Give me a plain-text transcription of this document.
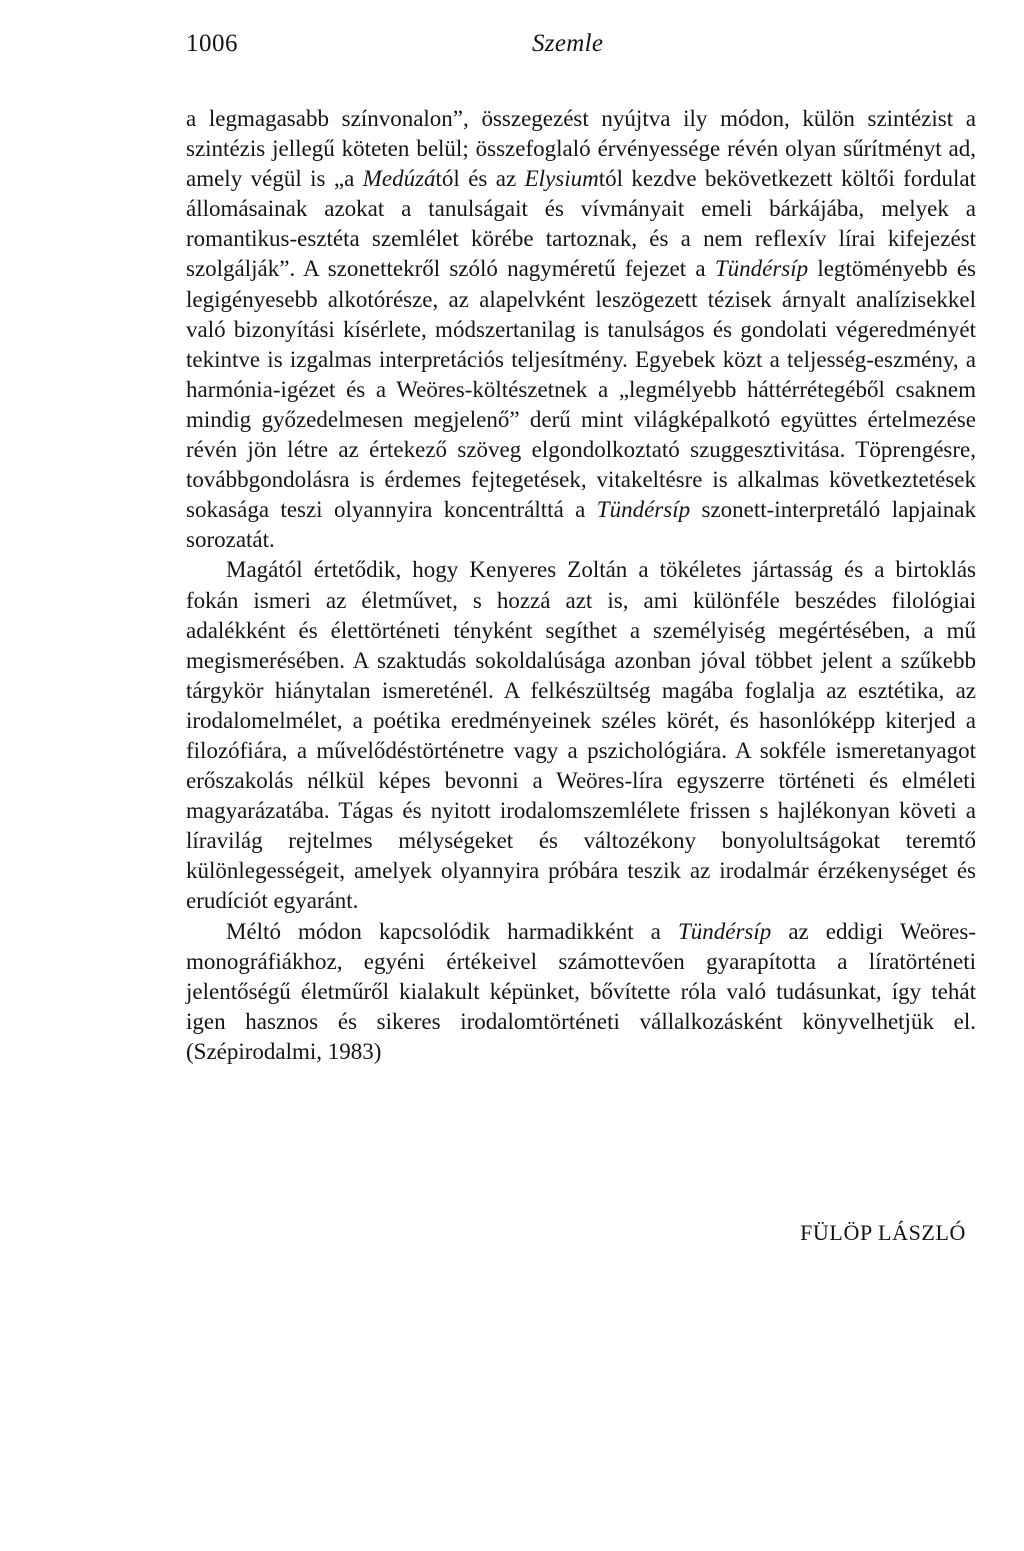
1006	Szemle

a legmagasabb színvonalon”, összegezést nyújtva ily módon, külön szintézist a szintézis jellegű köteten belül; összefoglaló érvényessége révén olyan sűrítményt ad, amely végül is „a Medúzától és az Elysiumtól kezdve bekövetkezett költői fordulat állomásainak azokat a tanulságait és vívmányait emeli bárkájába, melyek a romantikus-esztéta szemlélet körébe tartoznak, és a nem reflexív lírai kifejezést szolgálják”. A szonettekről szóló nagyméretű fejezet a Tündérsíp legtöményebb és legigényesebb alkotórésze, az alapelvként leszögezett tézisek árnyalt analízisekkel való bizonyítási kísérlete, módszertanilag is tanulságos és gondolati végeredményét tekintve is izgalmas interpretációs teljesítmény. Egyebek közt a teljesség-eszmény, a harmónia-igézet és a Weöres-költészetnek a „legmélyebb háttérrétegéből csaknem mindig győzedelmesen megjelenő” derű mint világképalkotó együttes értelmezése révén jön létre az értekező szöveg elgondolkoztató szuggesztivitása. Töprengésre, továbbgondolásra is érdemes fejtegetések, vitakeltésre is alkalmas következtetések sokasága teszi olyannyira koncentrálttá a Tündérsíp szonett-interpretáló lapjainak sorozatát.

Magától értetődik, hogy Kenyeres Zoltán a tökéletes jártasság és a birtoklás fokán ismeri az életművet, s hozzá azt is, ami különféle beszédes filológiai adalékként és élettörténeti tényként segíthet a személyiség megértésében, a mű megismerésében. A szaktudás sokoldalúsága azonban jóval többet jelent a szűkebb tárgykör hiánytalan ismereténél. A felkészültség magába foglalja az esztétika, az irodalomelmélet, a poétika eredményeinek széles körét, és hasonlóképp kiterjed a filozófiára, a művelődéstörténetre vagy a pszichológiára. A sokféle ismeretanyagot erőszakolás nélkül képes bevonni a Weöres-líra egyszerre történeti és elméleti magyarázatába. Tágas és nyitott irodalomszemlélete frissen s hajlékonyan követi a líravilág rejtelmes mélységeket és változékony bonyolultságokat teremtő különlegességeit, amelyek olyannyira próbára teszik az irodalmár érzékenységet és erudíciót egyaránt.

Méltó módon kapcsolódik harmadikként a Tündérsíp az eddigi Weöres-monográfiákhoz, egyéni értékeivel számottevően gyarapította a líratörténeti jelentőségű életműről kialakult képünket, bővítette róla való tudásunkat, így tehát igen hasznos és sikeres irodalomtörténeti vállalkozásként könyvelhetjük el. (Szépirodalmi, 1983)

FÜLÖP LÁSZLÓ
